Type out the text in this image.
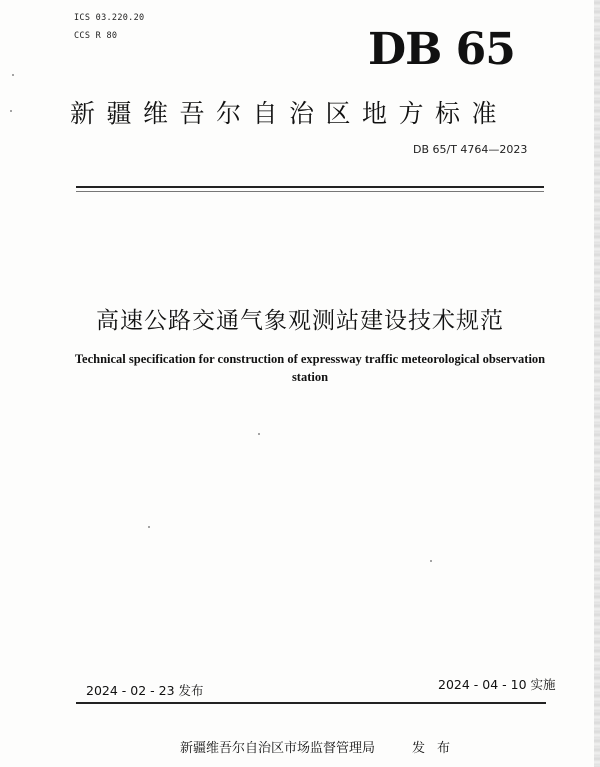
ICS 03.220.20
CCS R 80	DB 65
新疆维吾尔自治区地方标准
DB 65/T 4764—2023
高速公路交通气象观测站建设技术规范
Technical specification for construction of expressway traffic meteorological observation station
2024 - 02 - 23 发布	2024 - 04 - 10 实施
新疆维吾尔自治区市场监督管理局	发布
